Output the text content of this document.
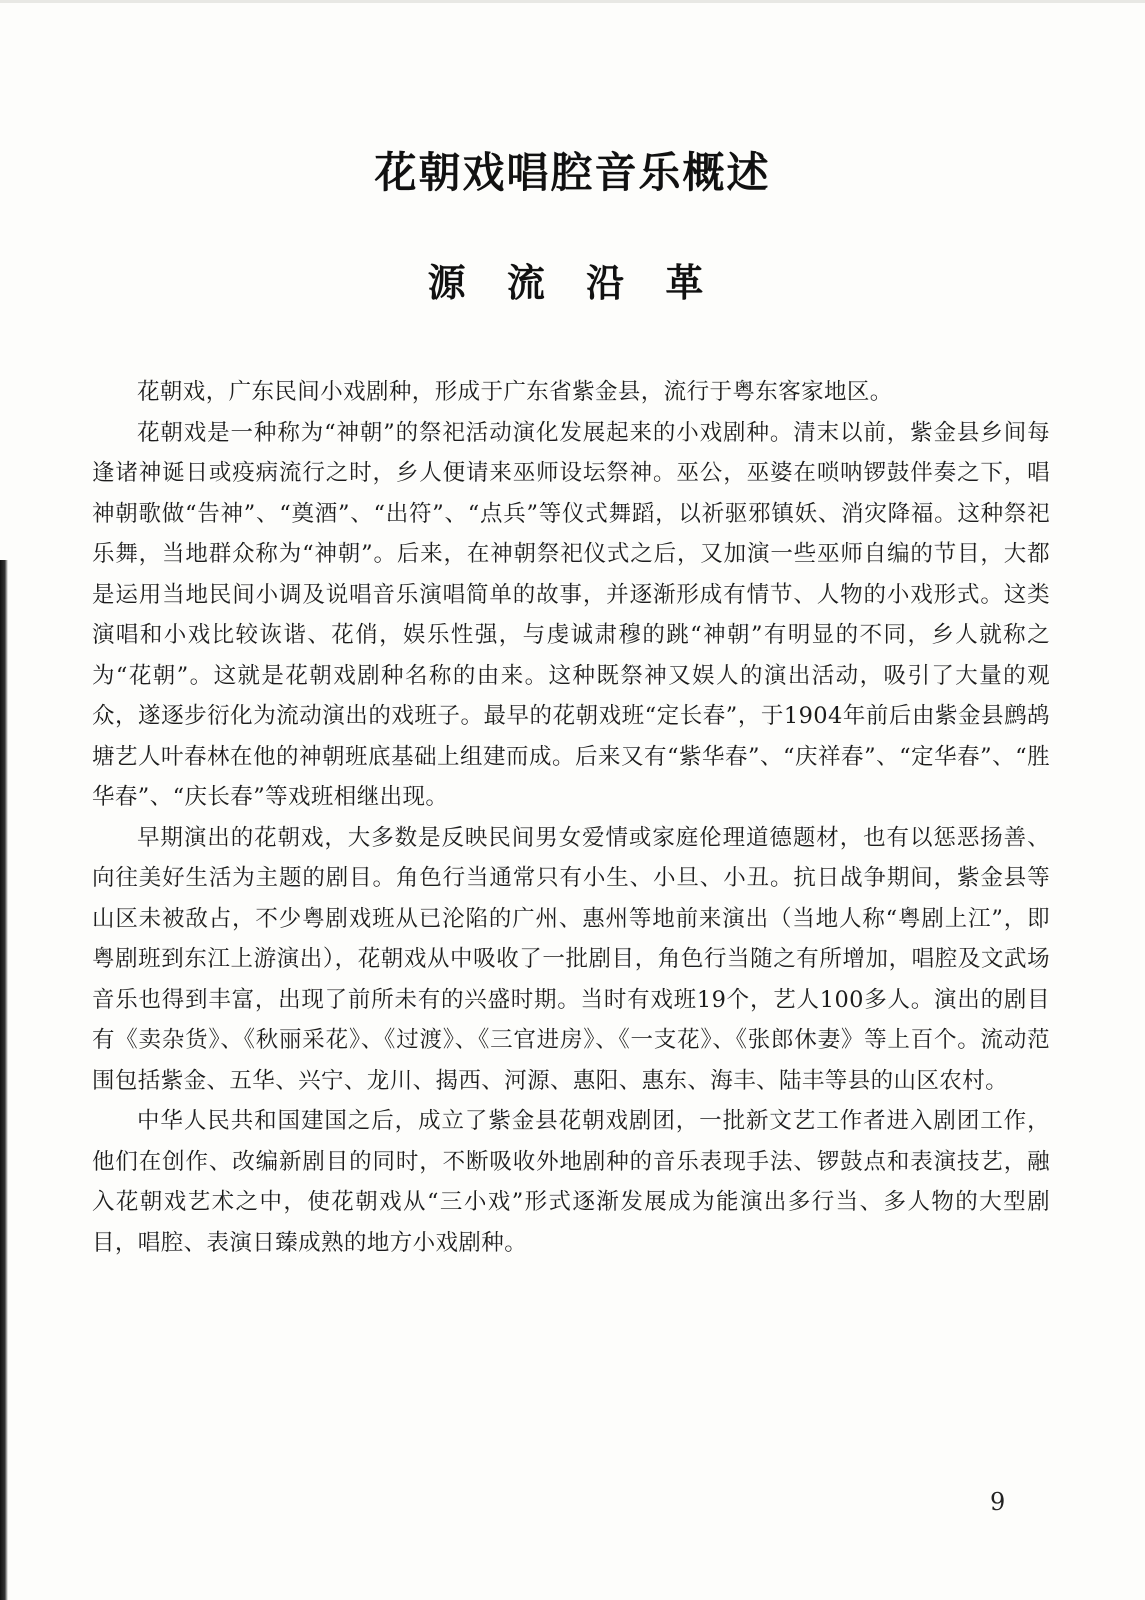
花朝戏唱腔音乐概述
源 流 沿 革

花朝戏，广东民间小戏剧种，形成于广东省紫金县，流行于粤东客家地区。

花朝戏是一种称为“神朝”的祭祀活动演化发展起来的小戏剧种。清末以前，紫金县乡间每逢诸神诞日或疫病流行之时，乡人便请来巫师设坛祭神。巫公，巫婆在唢呐锣鼓伴奏之下，唱神朝歌做“告神”、“奠酒”、“出符”、“点兵”等仪式舞蹈，以祈驱邪镇妖、消灾降福。这种祭祀乐舞，当地群众称为“神朝”。后来，在神朝祭祀仪式之后，又加演一些巫师自编的节目，大都是运用当地民间小调及说唱音乐演唱简单的故事，并逐渐形成有情节、人物的小戏形式。这类演唱和小戏比较诙谐、花俏，娱乐性强，与虔诚肃穆的跳“神朝”有明显的不同，乡人就称之为“花朝”。这就是花朝戏剧种名称的由来。这种既祭神又娱人的演出活动，吸引了大量的观众，遂逐步衍化为流动演出的戏班子。最早的花朝戏班“定长春”，于1904年前后由紫金县鹧鸪塘艺人叶春林在他的神朝班底基础上组建而成。后来又有“紫华春”、“庆祥春”、“定华春”、“胜华春”、“庆长春”等戏班相继出现。

早期演出的花朝戏，大多数是反映民间男女爱情或家庭伦理道德题材，也有以惩恶扬善、向往美好生活为主题的剧目。角色行当通常只有小生、小旦、小丑。抗日战争期间，紫金县等山区未被敌占，不少粤剧戏班从已沦陷的广州、惠州等地前来演出（当地人称“粤剧上江”，即粤剧班到东江上游演出），花朝戏从中吸收了一批剧目，角色行当随之有所增加，唱腔及文武场音乐也得到丰富，出现了前所未有的兴盛时期。当时有戏班19个，艺人100多人。演出的剧目有《卖杂货》、《秋丽采花》、《过渡》、《三官进房》、《一支花》、《张郎休妻》等上百个。流动范围包括紫金、五华、兴宁、龙川、揭西、河源、惠阳、惠东、海丰、陆丰等县的山区农村。

中华人民共和国建国之后，成立了紫金县花朝戏剧团，一批新文艺工作者进入剧团工作，他们在创作、改编新剧目的同时，不断吸收外地剧种的音乐表现手法、锣鼓点和表演技艺，融入花朝戏艺术之中，使花朝戏从“三小戏”形式逐渐发展成为能演出多行当、多人物的大型剧目，唱腔、表演日臻成熟的地方小戏剧种。

9
